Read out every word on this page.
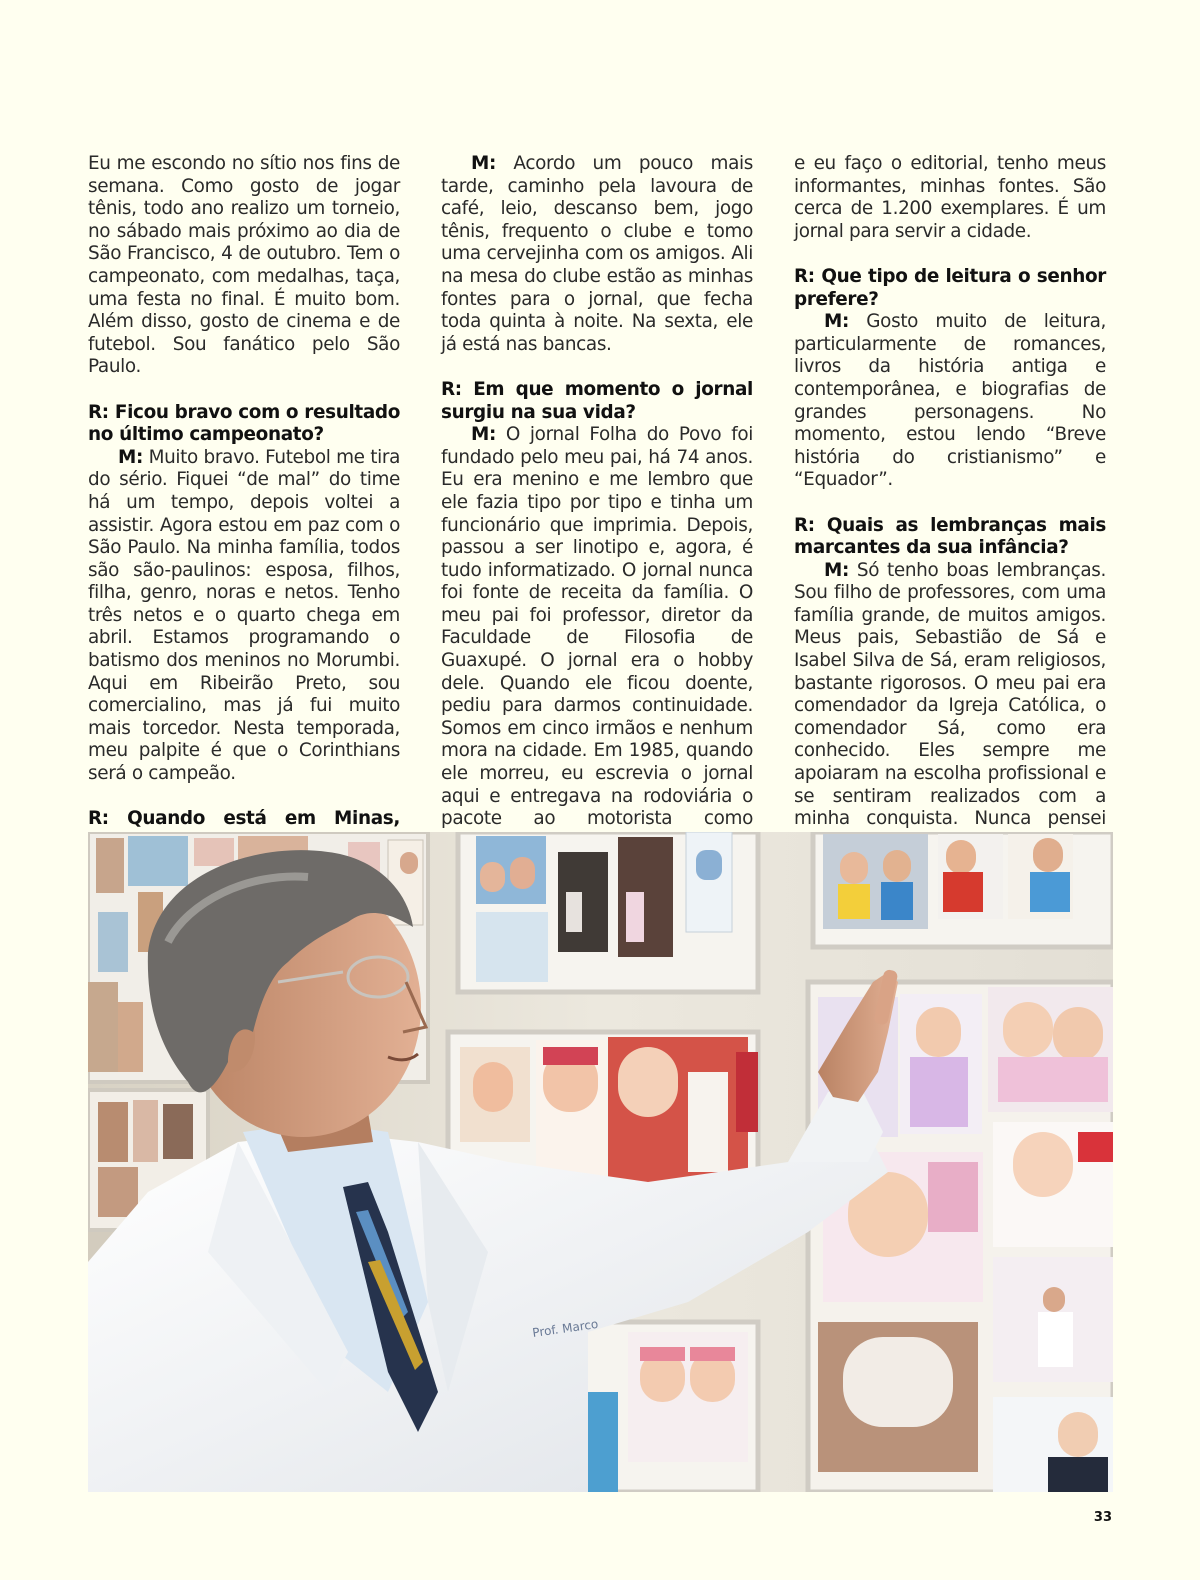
Eu me escondo no sítio nos fins de semana. Como gosto de jogar tênis, todo ano realizo um torneio, no sábado mais próximo ao dia de São Francisco, 4 de outubro. Tem o campeonato, com medalhas, taça, uma festa no final. É muito bom. Além disso, gosto de cinema e de futebol. Sou fanático pelo São Paulo.

R: Ficou bravo com o resultado no último campeonato?

M: Muito bravo. Futebol me tira do sério. Fiquei “de mal” do time há um tempo, depois voltei a assistir. Agora estou em paz com o São Paulo. Na minha família, todos são são-paulinos: esposa, filhos, filha, genro, noras e netos. Tenho três netos e o quarto chega em abril. Estamos programando o batismo dos meninos no Morumbi. Aqui em Ribeirão Preto, sou comercialino, mas já fui muito mais torcedor. Nesta temporada, meu palpite é que o Corinthians será o campeão.

R: Quando está em Minas,

M: Acordo um pouco mais tarde, caminho pela lavoura de café, leio, descanso bem, jogo tênis, frequento o clube e tomo uma cervejinha com os amigos. Ali na mesa do clube estão as minhas fontes para o jornal, que fecha toda quinta à noite. Na sexta, ele já está nas bancas.

R: Em que momento o jornal surgiu na sua vida?

M: O jornal Folha do Povo foi fundado pelo meu pai, há 74 anos. Eu era menino e me lembro que ele fazia tipo por tipo e tinha um funcionário que imprimia. Depois, passou a ser linotipo e, agora, é tudo informatizado. O jornal nunca foi fonte de receita da família. O meu pai foi professor, diretor da Faculdade de Filosofia de Guaxupé. O jornal era o hobby dele. Quando ele ficou doente, pediu para darmos continuidade. Somos em cinco irmãos e nenhum mora na cidade. Em 1985, quando ele morreu, eu escrevia o jornal aqui e entregava na rodoviária o pacote ao motorista como

e eu faço o editorial, tenho meus informantes, minhas fontes. São cerca de 1.200 exemplares. É um jornal para servir a cidade.

R: Que tipo de leitura o senhor prefere?

M: Gosto muito de leitura, particularmente de romances, livros da história antiga e contemporânea, e biografias de grandes personagens. No momento, estou lendo “Breve história do cristianismo” e “Equador”.

R: Quais as lembranças mais marcantes da sua infância?

M: Só tenho boas lembranças. Sou filho de professores, com uma família grande, de muitos amigos. Meus pais, Sebastião de Sá e Isabel Silva de Sá, eram religiosos, bastante rigorosos. O meu pai era comendador da Igreja Católica, o comendador Sá, como era conhecido. Eles sempre me apoiaram na escolha profissional e se sentiram realizados com a minha conquista. Nunca pensei

Prof. Marco
33
